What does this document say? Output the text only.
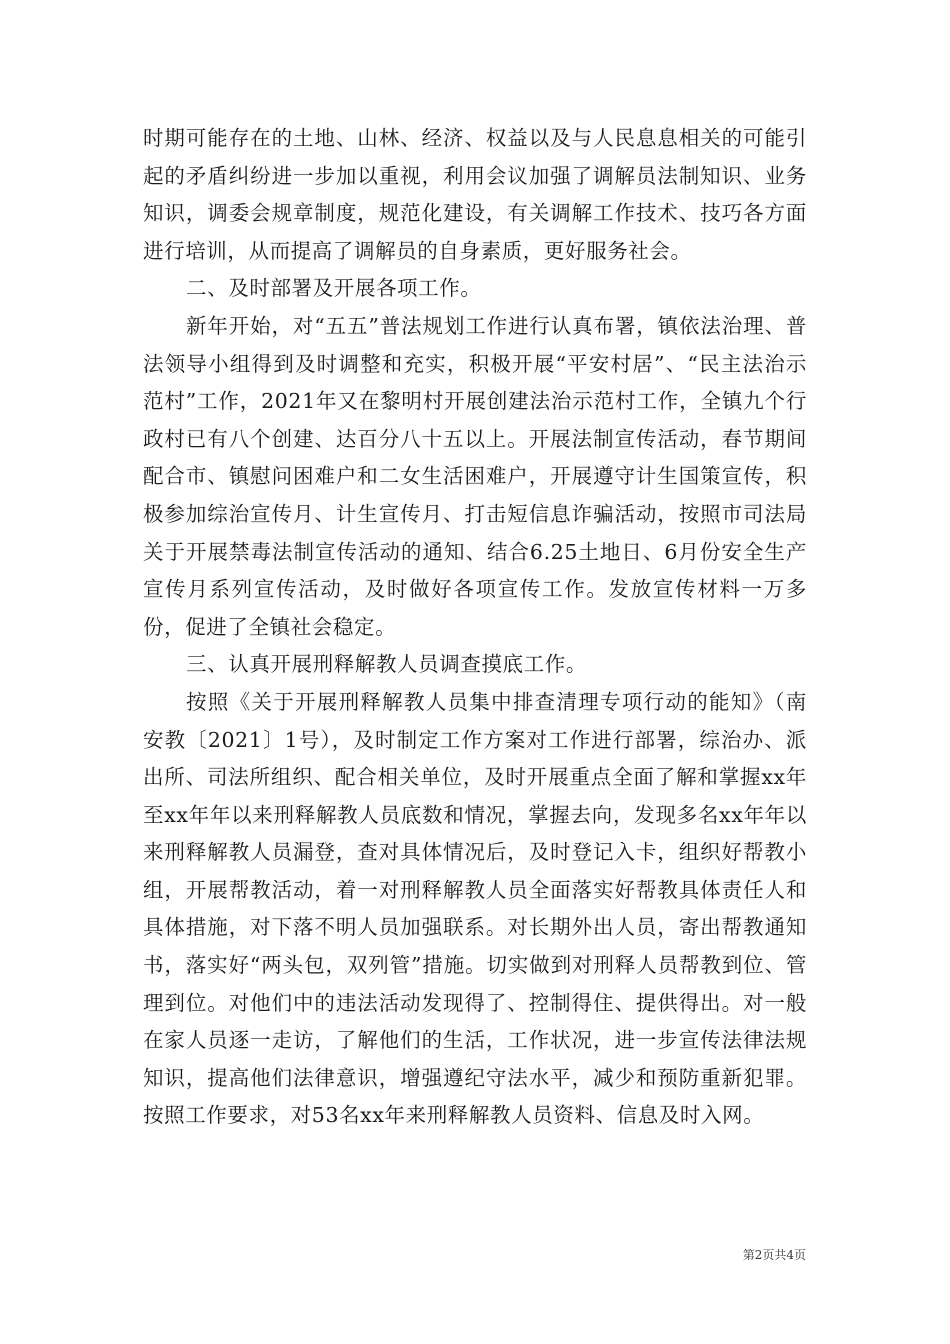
时期可能存在的土地、山林、经济、权益以及与人民息息相关的可能引起的矛盾纠纷进一步加以重视，利用会议加强了调解员法制知识、业务知识，调委会规章制度，规范化建设，有关调解工作技术、技巧各方面进行培训，从而提高了调解员的自身素质，更好服务社会。

二、及时部署及开展各项工作。

新年开始，对“五五”普法规划工作进行认真布署，镇依法治理、普法领导小组得到及时调整和充实，积极开展“平安村居”、“民主法治示范村”工作，2021年又在黎明村开展创建法治示范村工作，全镇九个行政村已有八个创建、达百分八十五以上。开展法制宣传活动，春节期间配合市、镇慰问困难户和二女生活困难户，开展遵守计生国策宣传，积极参加综治宣传月、计生宣传月、打击短信息诈骗活动，按照市司法局关于开展禁毒法制宣传活动的通知、结合6.25土地日、6月份安全生产宣传月系列宣传活动，及时做好各项宣传工作。发放宣传材料一万多份，促进了全镇社会稳定。

三、认真开展刑释解教人员调查摸底工作。

按照《关于开展刑释解教人员集中排查清理专项行动的能知》（南安教〔2021〕1号），及时制定工作方案对工作进行部署，综治办、派出所、司法所组织、配合相关单位，及时开展重点全面了解和掌握xx年至xx年年以来刑释解教人员底数和情况，掌握去向，发现多名xx年年以来刑释解教人员漏登，查对具体情况后，及时登记入卡，组织好帮教小组，开展帮教活动，着一对刑释解教人员全面落实好帮教具体责任人和具体措施，对下落不明人员加强联系。对长期外出人员，寄出帮教通知书，落实好“两头包，双列管”措施。切实做到对刑释人员帮教到位、管理到位。对他们中的违法活动发现得了、控制得住、提供得出。对一般在家人员逐一走访，了解他们的生活，工作状况，进一步宣传法律法规知识，提高他们法律意识，增强遵纪守法水平，减少和预防重新犯罪。按照工作要求，对53名xx年来刑释解教人员资料、信息及时入网。

第2页共4页
